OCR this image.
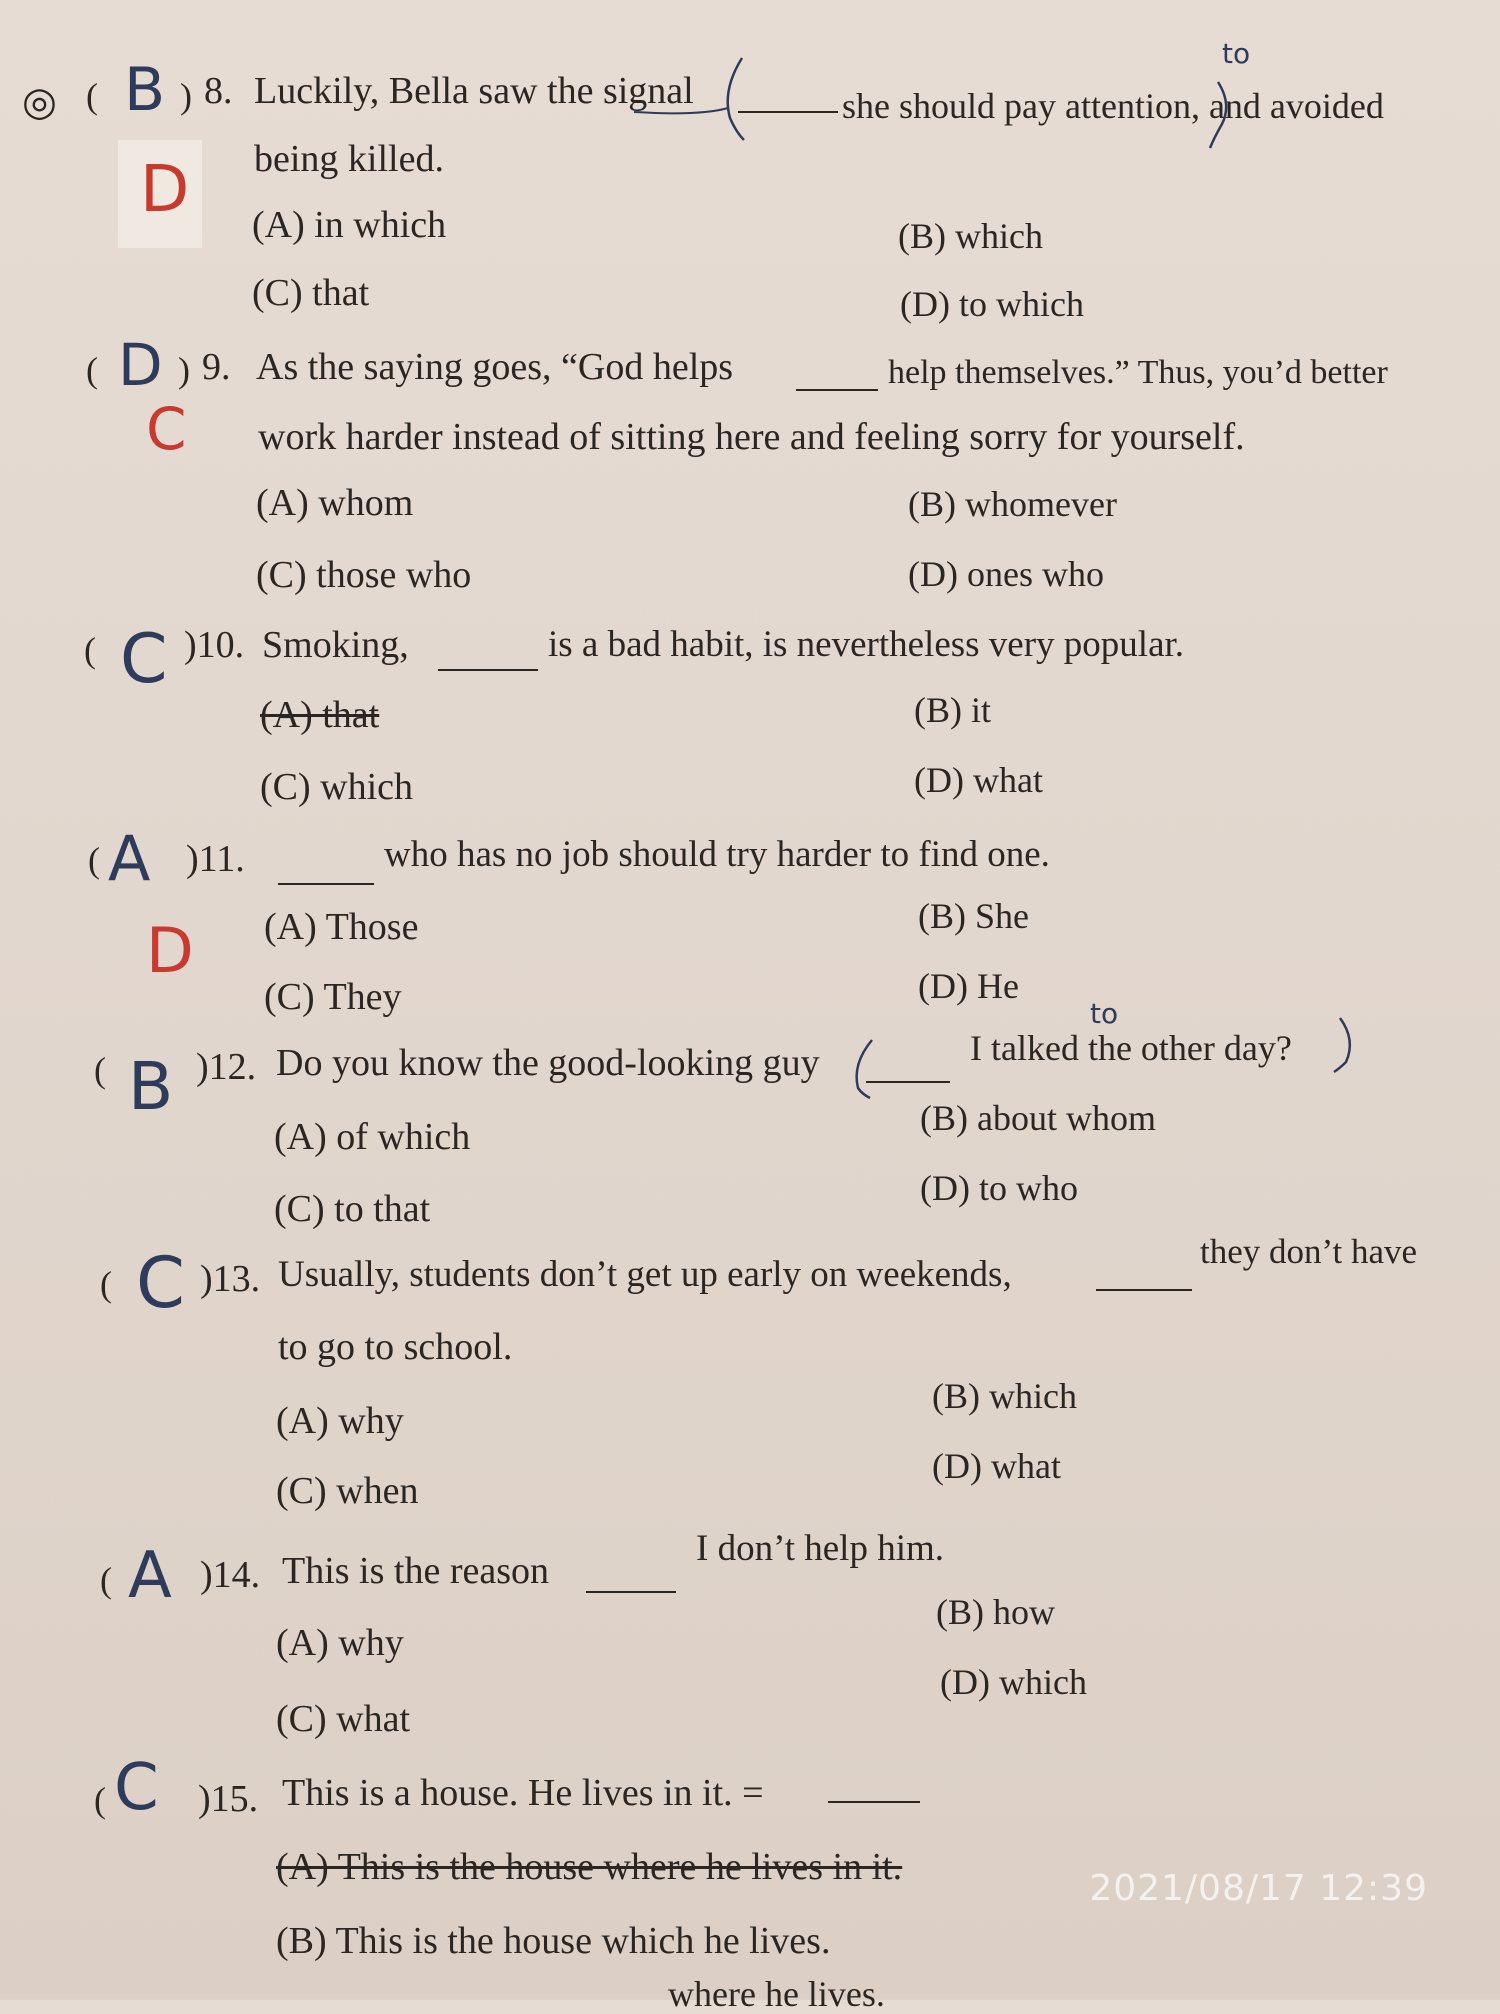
◎ ( B ) 8. Luckily, Bella saw the signal	she should pay attention, and avoided
to
being killed.
D (A) in which	(B) which
(C) that	(D) to which
( D ) 9. As the saying goes, “God helps	help themselves.” Thus, you’d better
C work harder instead of sitting here and feeling sorry for yourself.
(A) whom	(B) whomever
(C) those who	(D) ones who
( C )10. Smoking,	is a bad habit, is nevertheless very popular.
(A) that	(B) it
(C) which	(D) what
( A )11.	who has no job should try harder to find one.
D (A) Those	(B) She
(C) They	(D) He
( B )12. Do you know the good-looking guy
to
I talked the other day?
(A) of which	(B) about whom
(C) to that	(D) to who
( C )13. Usually, students don’t get up early on weekends,
they don’t have
to go to school.
(A) why
(B) which
(C) when
(D) what
( A )14. This is the reason
I don’t help him.
(A) why
(B) how
(C) what
(D) which
( C )15. This is a house. He lives in it. =
(A) This is the house where he lives in it.
(B) This is the house which he lives.
where he lives.
2021/08/17 12:39
